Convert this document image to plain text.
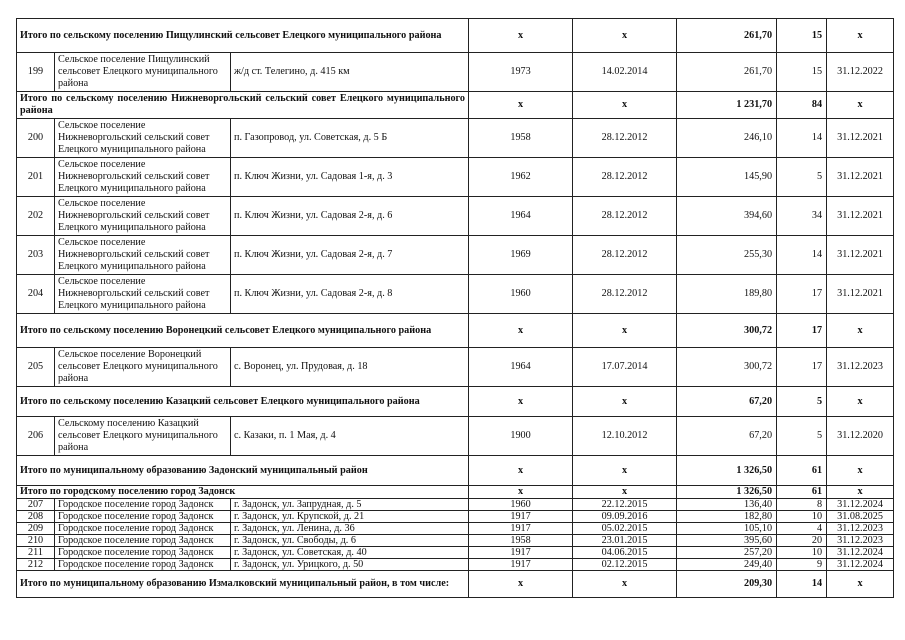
Итого по сельскому поселению Пищулинский сельсовет Елецкого муниципального района			х	х	261,70	15	х
199	Сельское поселение Пищулинский сельсовет Елецкого муниципального района	ж/д ст. Телегино, д. 415 км	1973	14.02.2014	261,70	15	31.12.2022
Итого по сельскому поселению Нижневоргольский сельский совет Елецкого муниципального района			х	х	1 231,70	84	х
200	Сельское поселение Нижневоргольский сельский совет Елецкого муниципального района	п. Газопровод, ул. Советская, д. 5 Б	1958	28.12.2012	246,10	14	31.12.2021
201	Сельское поселение Нижневоргольский сельский совет Елецкого муниципального района	п. Ключ Жизни, ул. Садовая 1-я, д. 3	1962	28.12.2012	145,90	5	31.12.2021
202	Сельское поселение Нижневоргольский сельский совет Елецкого муниципального района	п. Ключ Жизни, ул. Садовая 2-я, д. 6	1964	28.12.2012	394,60	34	31.12.2021
203	Сельское поселение Нижневоргольский сельский совет Елецкого муниципального района	п. Ключ Жизни, ул. Садовая 2-я, д. 7	1969	28.12.2012	255,30	14	31.12.2021
204	Сельское поселение Нижневоргольский сельский совет Елецкого муниципального района	п. Ключ Жизни, ул. Садовая 2-я, д. 8	1960	28.12.2012	189,80	17	31.12.2021
Итого по сельскому поселению Воронецкий сельсовет Елецкого муниципального района			х	х	300,72	17	х
205	Сельское поселение Воронецкий сельсовет Елецкого муниципального района	с. Воронец, ул. Прудовая, д. 18	1964	17.07.2014	300,72	17	31.12.2023
Итого по сельскому поселению Казацкий сельсовет Елецкого муниципального района			х	х	67,20	5	х
206	Сельскому поселению Казацкий сельсовет Елецкого муниципального района	с. Казаки, п. 1 Мая, д. 4	1900	12.10.2012	67,20	5	31.12.2020
Итого по муниципальному образованию Задонский муниципальный район			х	х	1 326,50	61	х
Итого по городскому поселению город Задонск			х	х	1 326,50	61	х
207	Городское поселение город Задонск	г. Задонск, ул. Запрудная, д. 5	1960	22.12.2015	136,40	8	31.12.2024
208	Городское поселение город Задонск	г. Задонск, ул. Крупской, д. 21	1917	09.09.2016	182,80	10	31.08.2025
209	Городское поселение город Задонск	г. Задонск, ул. Ленина, д. 36	1917	05.02.2015	105,10	4	31.12.2023
210	Городское поселение город Задонск	г. Задонск, ул. Свободы, д. 6	1958	23.01.2015	395,60	20	31.12.2023
211	Городское поселение город Задонск	г. Задонск, ул. Советская, д. 40	1917	04.06.2015	257,20	10	31.12.2024
212	Городское поселение город Задонск	г. Задонск, ул. Урицкого, д. 50	1917	02.12.2015	249,40	9	31.12.2024
Итого по муниципальному образованию Измалковский муниципальный район, в том числе:			х	х	209,30	14	х
